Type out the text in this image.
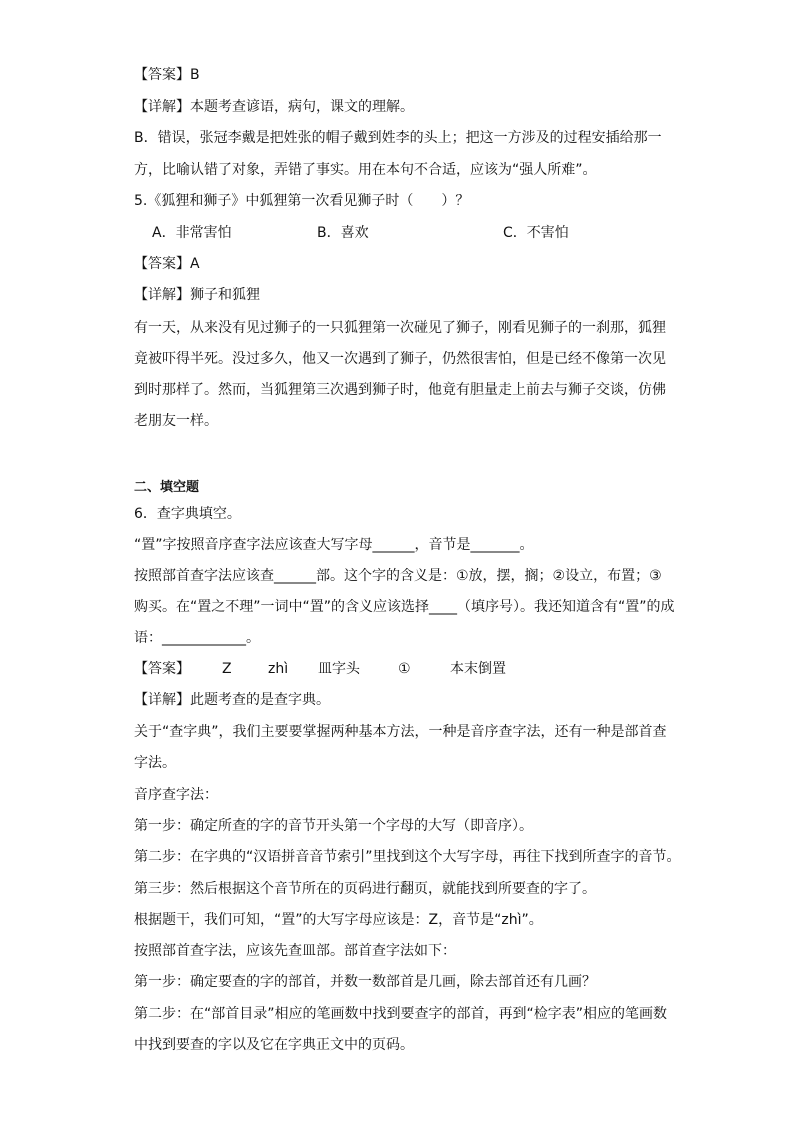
【答案】B
【详解】本题考查谚语，病句，课文的理解。
B．错误，张冠李戴是把姓张的帽子戴到姓李的头上；把这一方涉及的过程安插给那一
方，比喻认错了对象，弄错了事实。用在本句不合适，应该为“强人所难”。
5.《狐狸和狮子》中狐狸第一次看见狮子时（　　）？
A．非常害怕	B．喜欢	C．不害怕
【答案】A
【详解】狮子和狐狸
有一天，从来没有见过狮子的一只狐狸第一次碰见了狮子，刚看见狮子的一刹那，狐狸
竟被吓得半死。没过多久，他又一次遇到了狮子，仍然很害怕，但是已经不像第一次见
到时那样了。然而，当狐狸第三次遇到狮子时，他竟有胆量走上前去与狮子交谈，仿佛
老朋友一样。
二、填空题
6．查字典填空。
“置”字按照音序查字法应该查大写字母______，音节是_______。
按照部首查字法应该查______部。这个字的含义是：①放，摆，搁；②设立，布置；③
购买。在“置之不理”一词中“置”的含义应该选择____（填序号）。我还知道含有“置”的成
语：____________。
【答案】 Z	zhì 皿字头	①	本末倒置
【详解】此题考查的是查字典。
关于“查字典”，我们主要要掌握两种基本方法，一种是音序查字法，还有一种是部首查
字法。
音序查字法：
第一步：确定所查的字的音节开头第一个字母的大写（即音序）。
第二步：在字典的“汉语拼音音节索引”里找到这个大写字母，再往下找到所查字的音节。
第三步：然后根据这个音节所在的页码进行翻页，就能找到所要查的字了。
根据题干，我们可知，“置”的大写字母应该是：Z，音节是“zhì”。
按照部首查字法，应该先查皿部。部首查字法如下：
第一步：确定要查的字的部首，并数一数部首是几画，除去部首还有几画？
第二步：在“部首目录”相应的笔画数中找到要查字的部首，再到“检字表”相应的笔画数
中找到要查的字以及它在字典正文中的页码。
